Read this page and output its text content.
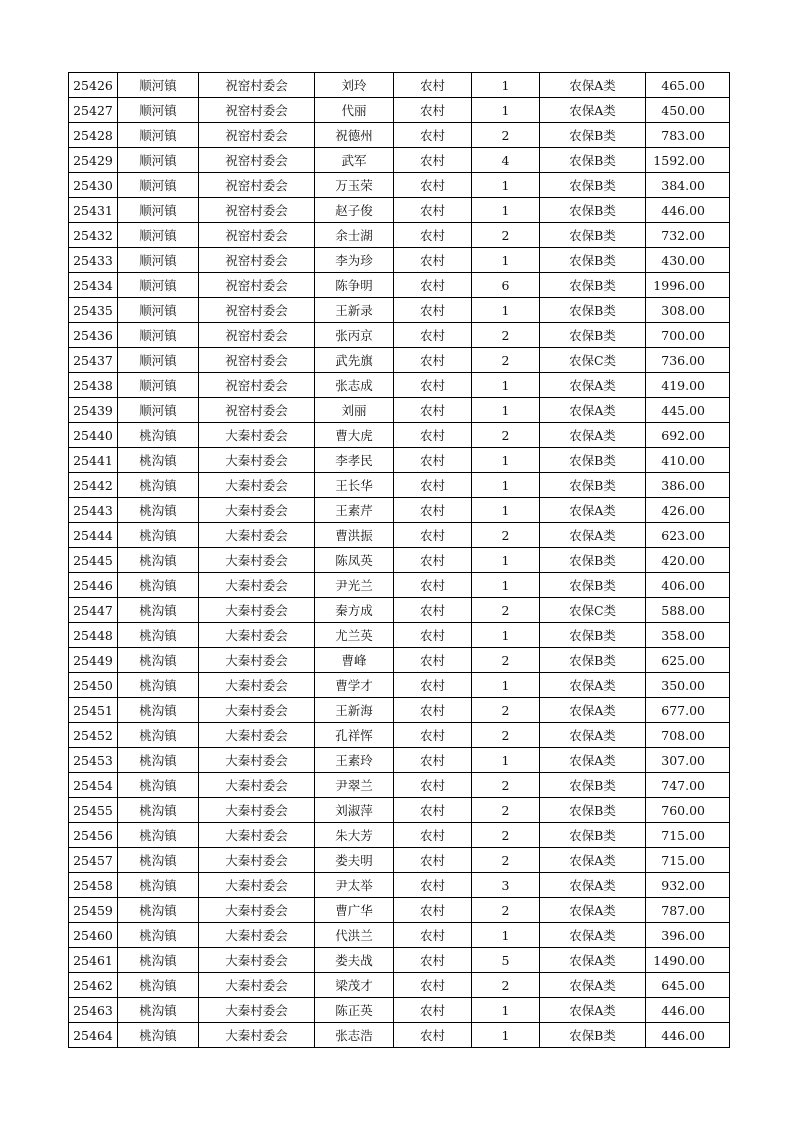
25426	顺河镇	祝窑村委会	刘玲	农村	1	农保A类	465.00
25427	顺河镇	祝窑村委会	代丽	农村	1	农保A类	450.00
25428	顺河镇	祝窑村委会	祝德州	农村	2	农保B类	783.00
25429	顺河镇	祝窑村委会	武军	农村	4	农保B类	1592.00
25430	顺河镇	祝窑村委会	万玉荣	农村	1	农保B类	384.00
25431	顺河镇	祝窑村委会	赵子俊	农村	1	农保B类	446.00
25432	顺河镇	祝窑村委会	余士湖	农村	2	农保B类	732.00
25433	顺河镇	祝窑村委会	李为珍	农村	1	农保B类	430.00
25434	顺河镇	祝窑村委会	陈争明	农村	6	农保B类	1996.00
25435	顺河镇	祝窑村委会	王新录	农村	1	农保B类	308.00
25436	顺河镇	祝窑村委会	张丙京	农村	2	农保B类	700.00
25437	顺河镇	祝窑村委会	武先旗	农村	2	农保C类	736.00
25438	顺河镇	祝窑村委会	张志成	农村	1	农保A类	419.00
25439	顺河镇	祝窑村委会	刘丽	农村	1	农保A类	445.00
25440	桃沟镇	大秦村委会	曹大虎	农村	2	农保A类	692.00
25441	桃沟镇	大秦村委会	李孝民	农村	1	农保B类	410.00
25442	桃沟镇	大秦村委会	王长华	农村	1	农保B类	386.00
25443	桃沟镇	大秦村委会	王素芹	农村	1	农保A类	426.00
25444	桃沟镇	大秦村委会	曹洪振	农村	2	农保A类	623.00
25445	桃沟镇	大秦村委会	陈凤英	农村	1	农保B类	420.00
25446	桃沟镇	大秦村委会	尹光兰	农村	1	农保B类	406.00
25447	桃沟镇	大秦村委会	秦方成	农村	2	农保C类	588.00
25448	桃沟镇	大秦村委会	尤兰英	农村	1	农保B类	358.00
25449	桃沟镇	大秦村委会	曹峰	农村	2	农保B类	625.00
25450	桃沟镇	大秦村委会	曹学才	农村	1	农保A类	350.00
25451	桃沟镇	大秦村委会	王新海	农村	2	农保A类	677.00
25452	桃沟镇	大秦村委会	孔祥恽	农村	2	农保A类	708.00
25453	桃沟镇	大秦村委会	王素玲	农村	1	农保A类	307.00
25454	桃沟镇	大秦村委会	尹翠兰	农村	2	农保B类	747.00
25455	桃沟镇	大秦村委会	刘淑萍	农村	2	农保B类	760.00
25456	桃沟镇	大秦村委会	朱大芳	农村	2	农保B类	715.00
25457	桃沟镇	大秦村委会	娄夫明	农村	2	农保A类	715.00
25458	桃沟镇	大秦村委会	尹太举	农村	3	农保A类	932.00
25459	桃沟镇	大秦村委会	曹广华	农村	2	农保A类	787.00
25460	桃沟镇	大秦村委会	代洪兰	农村	1	农保A类	396.00
25461	桃沟镇	大秦村委会	娄夫战	农村	5	农保A类	1490.00
25462	桃沟镇	大秦村委会	梁茂才	农村	2	农保A类	645.00
25463	桃沟镇	大秦村委会	陈正英	农村	1	农保A类	446.00
25464	桃沟镇	大秦村委会	张志浩	农村	1	农保B类	446.00
